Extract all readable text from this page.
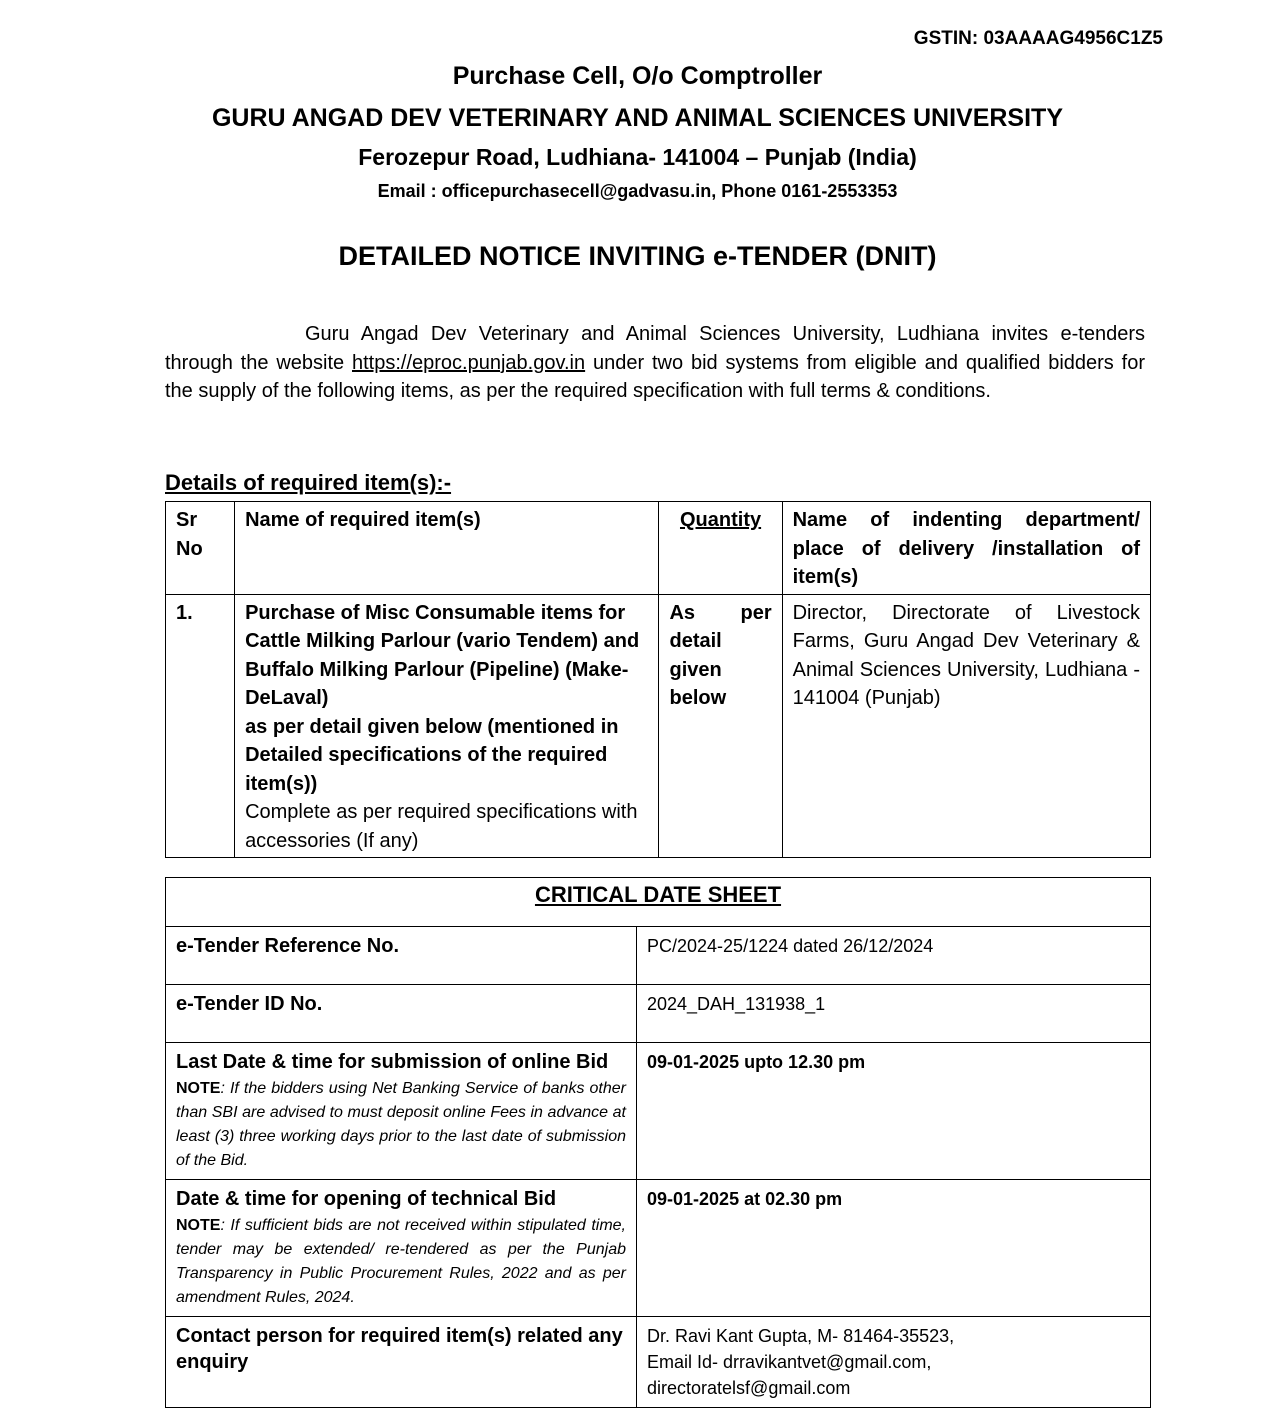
GSTIN: 03AAAAG4956C1Z5
Purchase Cell, O/o Comptroller
GURU ANGAD DEV VETERINARY AND ANIMAL SCIENCES UNIVERSITY
Ferozepur Road, Ludhiana- 141004 – Punjab (India)
Email : officepurchasecell@gadvasu.in, Phone 0161-2553353
DETAILED NOTICE INVITING e-TENDER (DNIT)
Guru Angad Dev Veterinary and Animal Sciences University, Ludhiana invites e-tenders through the website https://eproc.punjab.gov.in under two bid systems from eligible and qualified bidders for the supply of the following items, as per the required specification with full terms & conditions.
Details of required item(s):-
Sr No	Name of required item(s)	Quantity	Name of indenting department/ place of delivery /installation of item(s)
1.	Purchase of Misc Consumable items for Cattle Milking Parlour (vario Tendem) and Buffalo Milking Parlour (Pipeline) (Make-DeLaval)
as per detail given below (mentioned in Detailed specifications of the required item(s))
Complete as per required specifications with accessories (If any)	As per detail given below	Director, Directorate of Livestock Farms, Guru Angad Dev Veterinary & Animal Sciences University, Ludhiana - 141004 (Punjab)
CRITICAL DATE SHEET	
e-Tender Reference No.	PC/2024-25/1224 dated 26/12/2024
e-Tender ID No.	2024_DAH_131938_1

Last Date & time for submission of online Bid
NOTE: If the bidders using Net Banking Service of banks other than SBI are advised to must deposit online Fees in advance at least (3) three working days prior to the last date of submission of the Bid.	09-01-2025 upto 12.30 pm

Date & time for opening of technical Bid
NOTE: If sufficient bids are not received within stipulated time, tender may be extended/ re-tendered as per the Punjab Transparency in Public Procurement Rules, 2022 and as per amendment Rules, 2024.	09-01-2025 at 02.30 pm
Contact person for required item(s) related any enquiry	Dr. Ravi Kant Gupta, M- 81464-35523,
Email Id- drravikantvet@gmail.com,
directoratelsf@gmail.com
